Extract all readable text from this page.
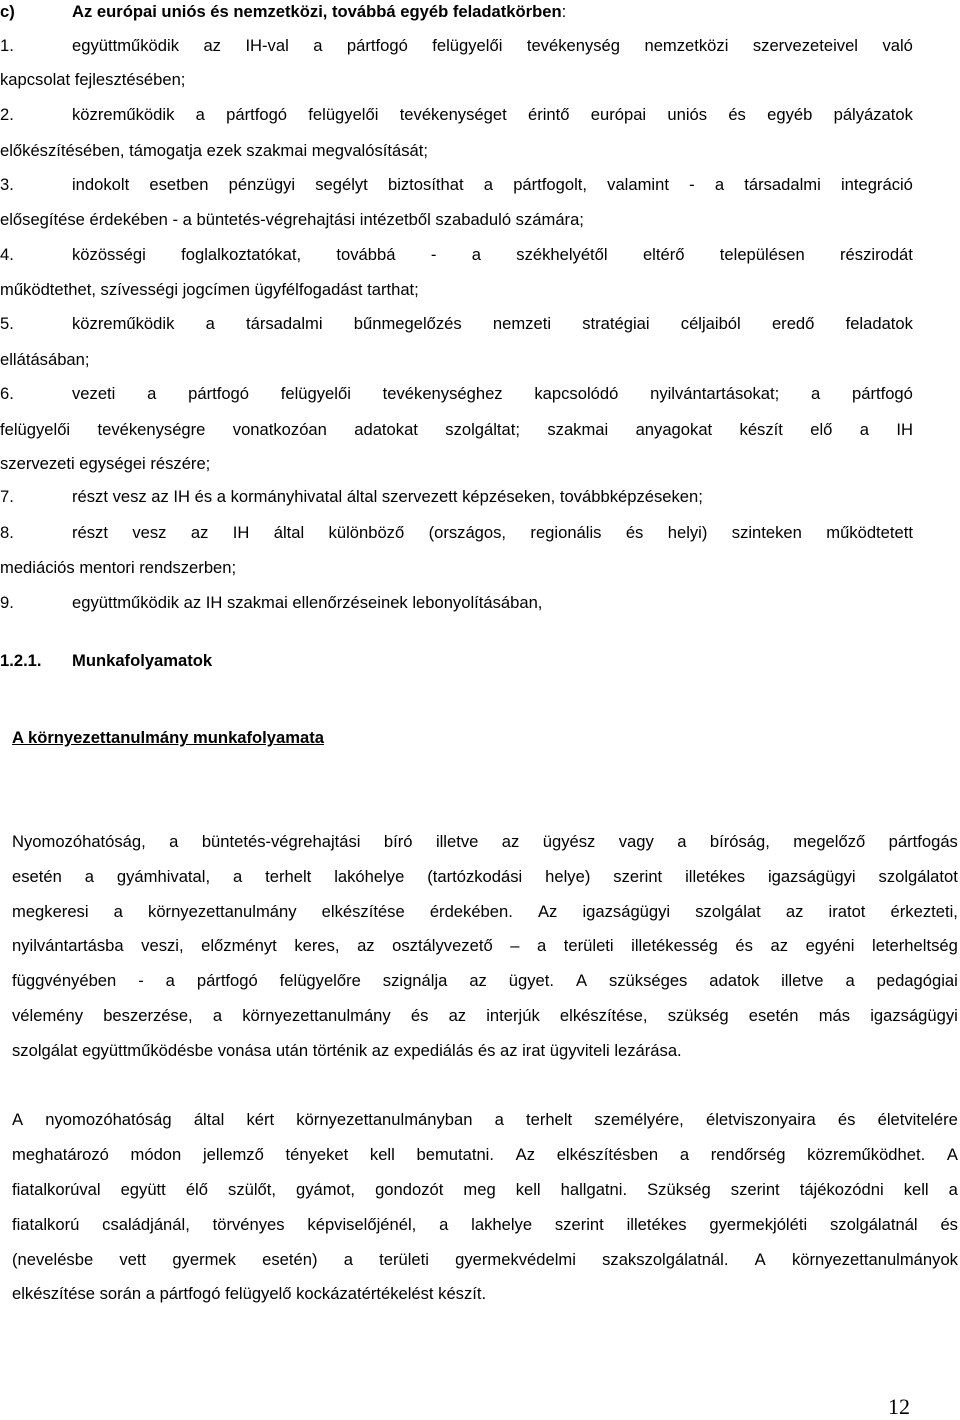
c)	Az európai uniós és nemzetközi, továbbá egyéb feladatkörben:
1.	együttműködik az IH-val a pártfogó felügyelői tevékenység nemzetközi szervezeteivel való
kapcsolat fejlesztésében;
2.	közreműködik a pártfogó felügyelői tevékenységet érintő európai uniós és egyéb pályázatok
előkészítésében, támogatja ezek szakmai megvalósítását;
3.	indokolt esetben pénzügyi segélyt biztosíthat a pártfogolt, valamint - a társadalmi integráció
elősegítése érdekében - a büntetés-végrehajtási intézetből szabaduló számára;
4.	közösségi foglalkoztatókat, továbbá - a székhelyétől eltérő településen részirodát
működtethet, szívességi jogcímen ügyfélfogadást tarthat;
5.	közreműködik a társadalmi bűnmegelőzés nemzeti stratégiai céljaiból eredő feladatok
ellátásában;
6.	vezeti a pártfogó felügyelői tevékenységhez kapcsolódó nyilvántartásokat; a pártfogó
felügyelői tevékenységre vonatkozóan adatokat szolgáltat; szakmai anyagokat készít elő a IH
szervezeti egységei részére;
7.	részt vesz az IH és a kormányhivatal által szervezett képzéseken, továbbképzéseken;
8.	részt vesz az IH által különböző (országos, regionális és helyi) szinteken működtetett
mediációs mentori rendszerben;
9.	együttműködik az IH szakmai ellenőrzéseinek lebonyolításában,
1.2.1. Munkafolyamatok
A környezettanulmány munkafolyamata
Nyomozóhatóság, a büntetés-végrehajtási bíró illetve az ügyész vagy a bíróság, megelőző pártfogás
esetén a gyámhivatal, a terhelt lakóhelye (tartózkodási helye) szerint illetékes igazságügyi szolgálatot
megkeresi a környezettanulmány elkészítése érdekében. Az igazságügyi szolgálat az iratot érkezteti,
nyilvántartásba veszi, előzményt keres, az osztályvezető – a területi illetékesség és az egyéni leterheltség
függvényében - a pártfogó felügyelőre szignálja az ügyet. A szükséges adatok illetve a pedagógiai
vélemény beszerzése, a környezettanulmány és az interjúk elkészítése, szükség esetén más igazságügyi
szolgálat együttműködésbe vonása után történik az expediálás és az irat ügyviteli lezárása.
A nyomozóhatóság által kért környezettanulmányban a terhelt személyére, életviszonyaira és életvitelére
meghatározó módon jellemző tényeket kell bemutatni. Az elkészítésben a rendőrség közreműködhet. A
fiatalkorúval együtt élő szülőt, gyámot, gondozót meg kell hallgatni. Szükség szerint tájékozódni kell a
fiatalkorú családjánál, törvényes képviselőjénél, a lakhelye szerint illetékes gyermekjóléti szolgálatnál és
(nevelésbe vett gyermek esetén) a területi gyermekvédelmi szakszolgálatnál. A környezettanulmányok
elkészítése során a pártfogó felügyelő kockázatértékelést készít.
12
